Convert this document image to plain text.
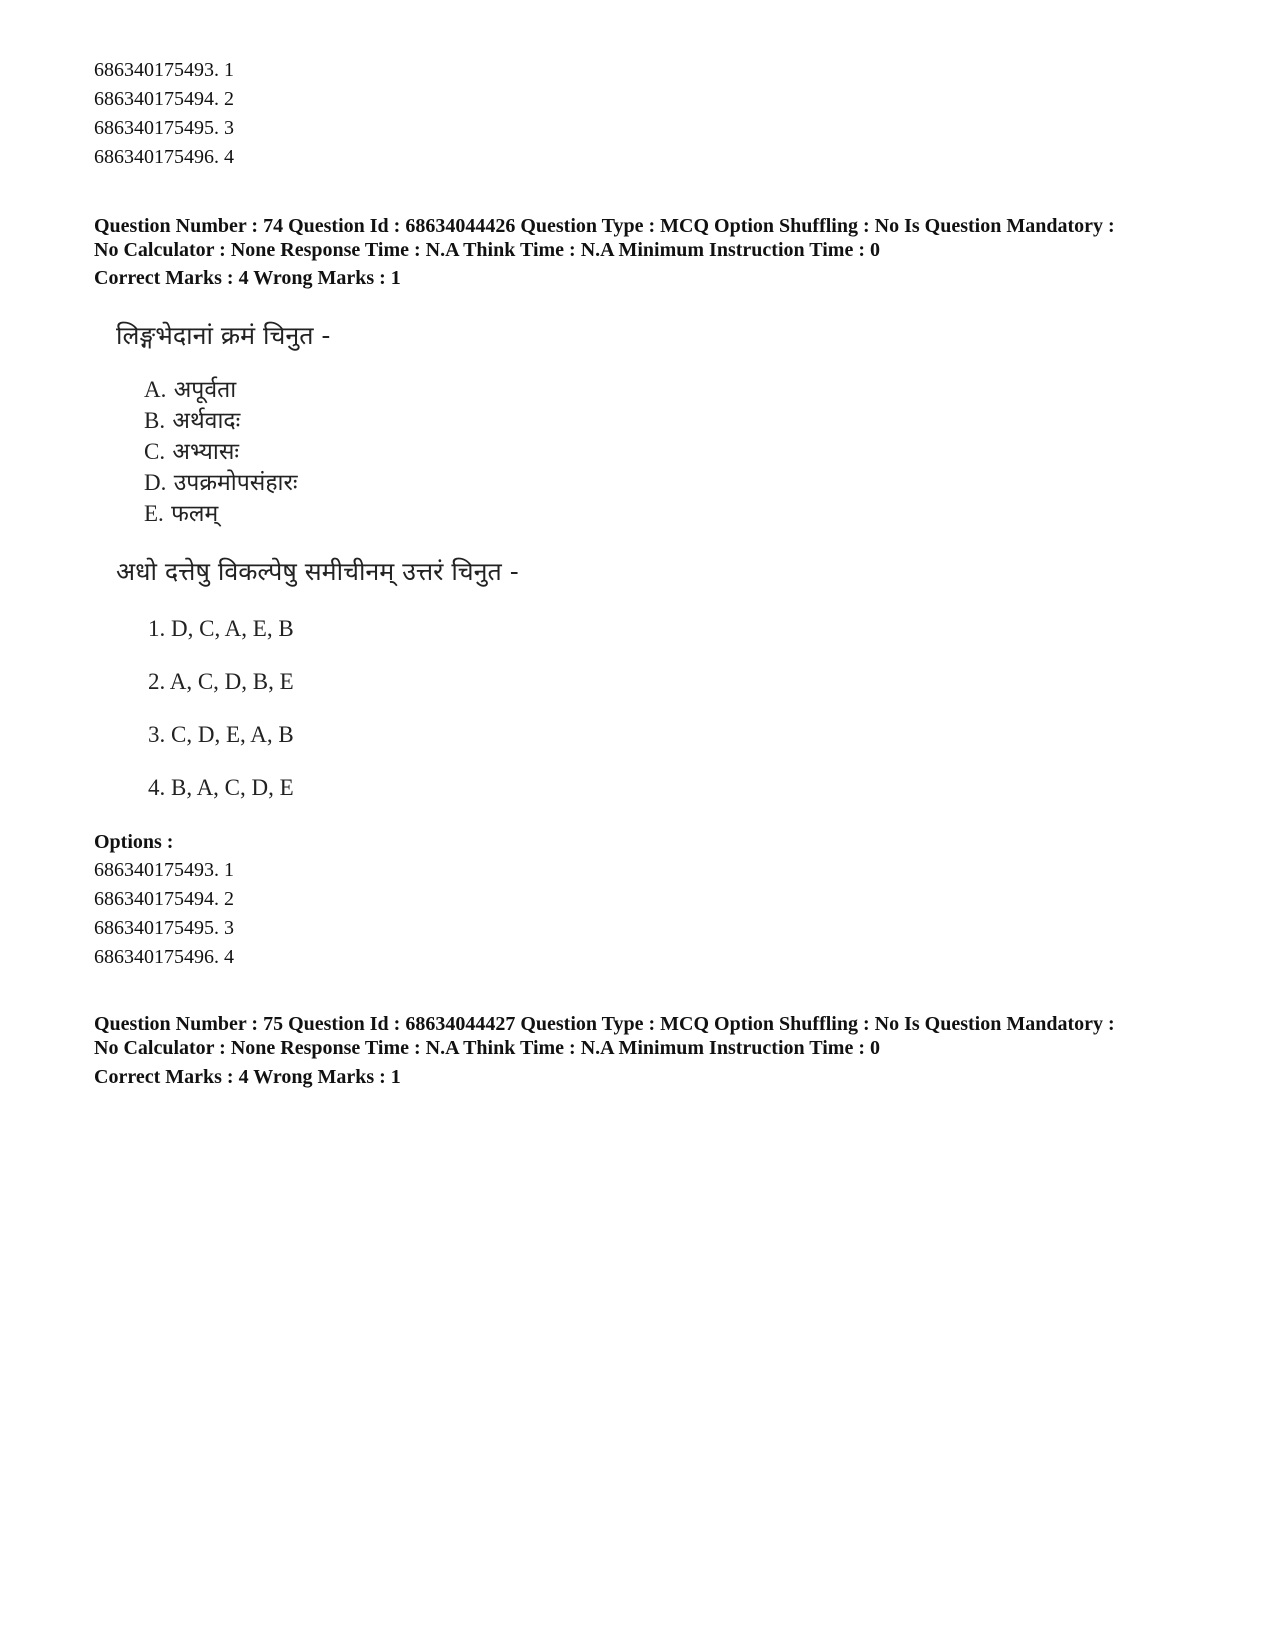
686340175493. 1
686340175494. 2
686340175495. 3
686340175496. 4
Question Number : 74 Question Id : 68634044426 Question Type : MCQ Option Shuffling : No Is Question Mandatory :
No Calculator : None Response Time : N.A Think Time : N.A Minimum Instruction Time : 0
Correct Marks : 4 Wrong Marks : 1
लिङ्गभेदानां क्रमं चिनुत -
A. अपूर्वता
B. अर्थवादः
C. अभ्यासः
D. उपक्रमोपसंहारः
E. फलम्
अधो दत्तेषु विकल्पेषु समीचीनम् उत्तरं चिनुत -
1. D, C, A, E, B
2. A, C, D, B, E
3. C, D, E, A, B
4. B, A, C, D, E
Options :
686340175493. 1
686340175494. 2
686340175495. 3
686340175496. 4
Question Number : 75 Question Id : 68634044427 Question Type : MCQ Option Shuffling : No Is Question Mandatory :
No Calculator : None Response Time : N.A Think Time : N.A Minimum Instruction Time : 0
Correct Marks : 4 Wrong Marks : 1
